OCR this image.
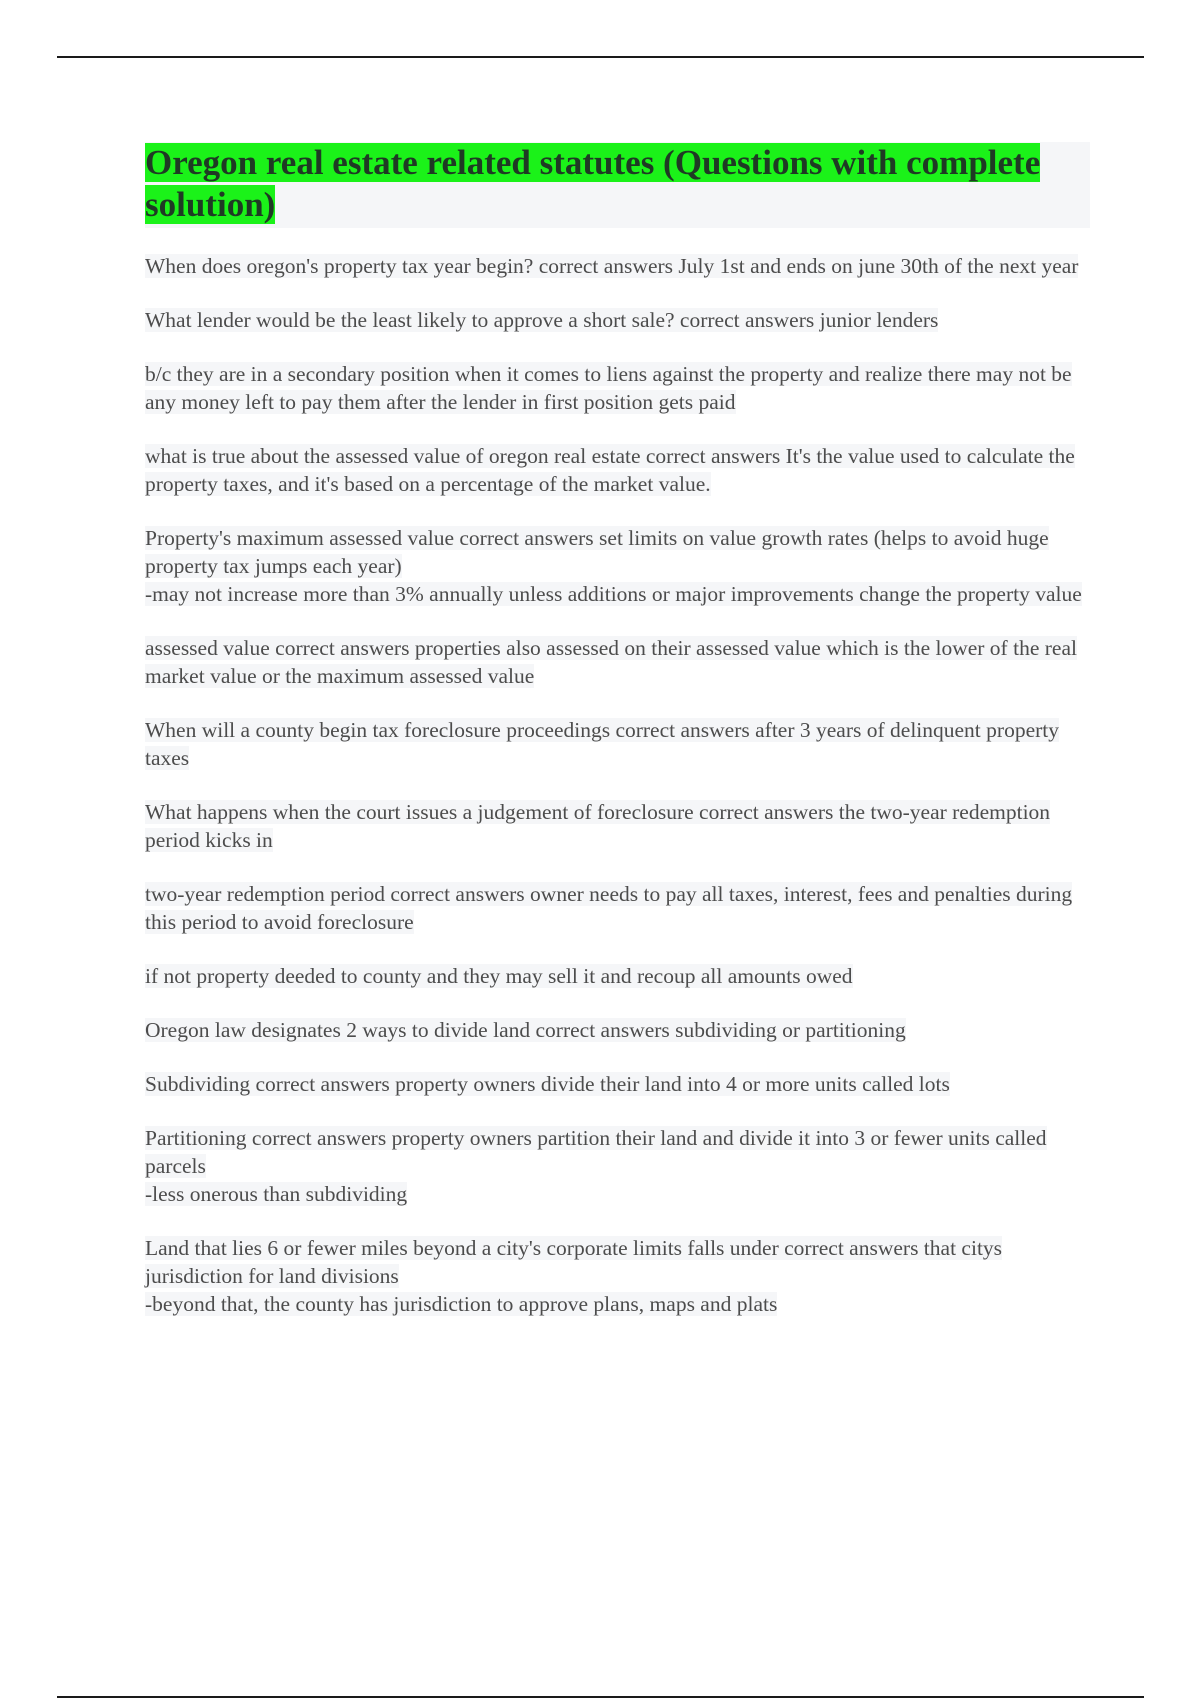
Oregon real estate related statutes (Questions with complete solution)

When does oregon's property tax year begin? correct answers July 1st and ends on june 30th of the next year

What lender would be the least likely to approve a short sale? correct answers junior lenders

b/c they are in a secondary position when it comes to liens against the property and realize there may not be any money left to pay them after the lender in first position gets paid

what is true about the assessed value of oregon real estate correct answers It's the value used to calculate the property taxes, and it's based on a percentage of the market value.

Property's maximum assessed value correct answers set limits on value growth rates (helps to avoid huge property tax jumps each year)
-may not increase more than 3% annually unless additions or major improvements change the property value

assessed value correct answers properties also assessed on their assessed value which is the lower of the real market value or the maximum assessed value

When will a county begin tax foreclosure proceedings correct answers after 3 years of delinquent property taxes

What happens when the court issues a judgement of foreclosure correct answers the two-year redemption period kicks in

two-year redemption period correct answers owner needs to pay all taxes, interest, fees and penalties during this period to avoid foreclosure

if not property deeded to county and they may sell it and recoup all amounts owed

Oregon law designates 2 ways to divide land correct answers subdividing or partitioning

Subdividing correct answers property owners divide their land into 4 or more units called lots

Partitioning correct answers property owners partition their land and divide it into 3 or fewer units called parcels
-less onerous than subdividing

Land that lies 6 or fewer miles beyond a city's corporate limits falls under correct answers that citys jurisdiction for land divisions
-beyond that, the county has jurisdiction to approve plans, maps and plats
